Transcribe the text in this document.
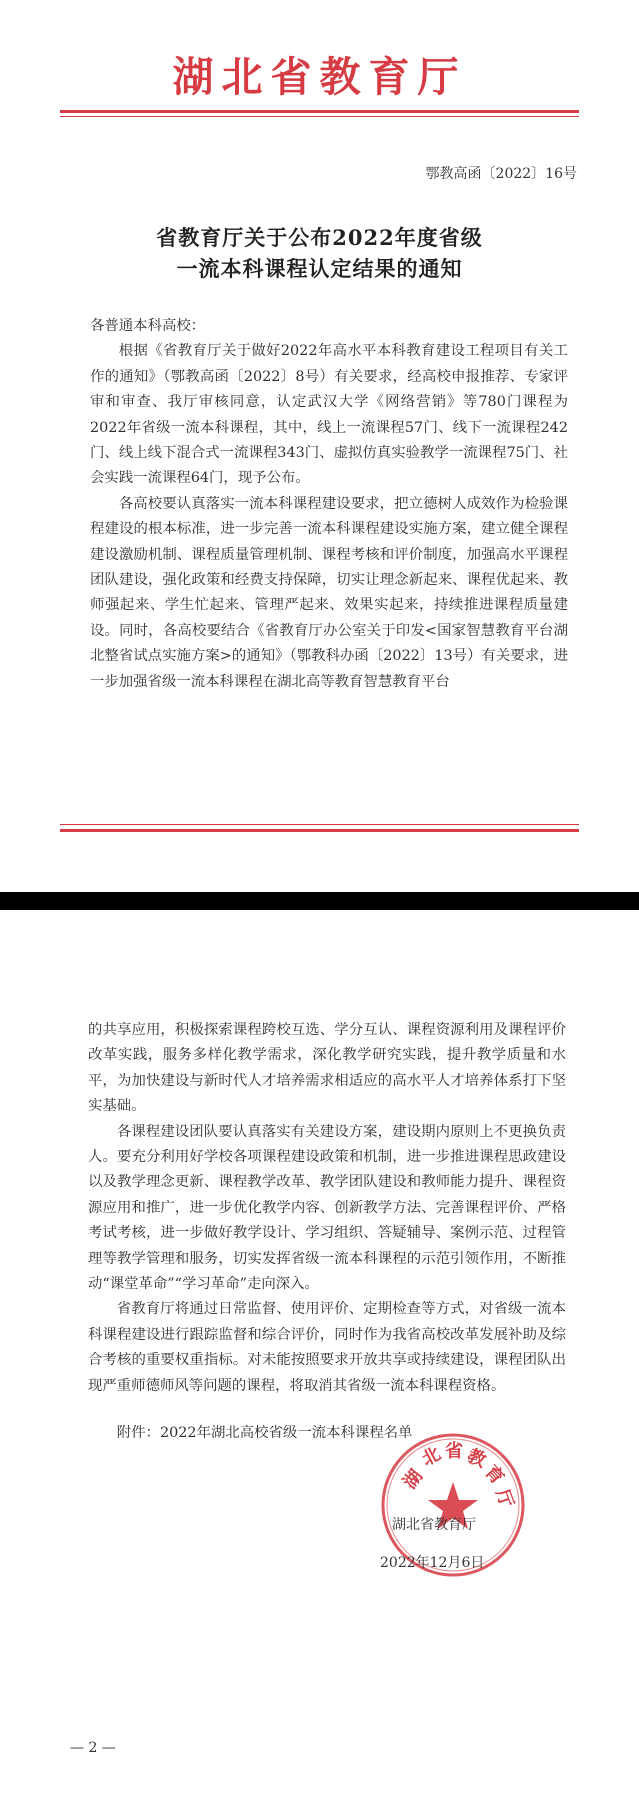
湖北省教育厅
鄂教高函〔2022〕16号
省教育厅关于公布2022年度省级
一流本科课程认定结果的通知

各普通本科高校：

根据《省教育厅关于做好2022年高水平本科教育建设工程项目有关工作的通知》（鄂教高函〔2022〕8号）有关要求，经高校申报推荐、专家评审和审查、我厅审核同意，认定武汉大学《网络营销》等780门课程为2022年省级一流本科课程，其中，线上一流课程57门、线下一流课程242门、线上线下混合式一流课程343门、虚拟仿真实验教学一流课程75门、社会实践一流课程64门，现予公布。

各高校要认真落实一流本科课程建设要求，把立德树人成效作为检验课程建设的根本标准，进一步完善一流本科课程建设实施方案，建立健全课程建设激励机制、课程质量管理机制、课程考核和评价制度，加强高水平课程团队建设，强化政策和经费支持保障，切实让理念新起来、课程优起来、教师强起来、学生忙起来、管理严起来、效果实起来，持续推进课程质量建设。同时，各高校要结合《省教育厅办公室关于印发<国家智慧教育平台湖北整省试点实施方案>的通知》（鄂教科办函〔2022〕13号）有关要求，进一步加强省级一流本科课程在湖北高等教育智慧教育平台

的共享应用，积极探索课程跨校互选、学分互认、课程资源利用及课程评价改革实践，服务多样化教学需求，深化教学研究实践，提升教学质量和水平，为加快建设与新时代人才培养需求相适应的高水平人才培养体系打下坚实基础。

各课程建设团队要认真落实有关建设方案，建设期内原则上不更换负责人。要充分利用好学校各项课程建设政策和机制，进一步推进课程思政建设以及教学理念更新、课程教学改革、教学团队建设和教师能力提升、课程资源应用和推广，进一步优化教学内容、创新教学方法、完善课程评价、严格考试考核，进一步做好教学设计、学习组织、答疑辅导、案例示范、过程管理等教学管理和服务，切实发挥省级一流本科课程的示范引领作用，不断推动“课堂革命”“学习革命”走向深入。

省教育厅将通过日常监督、使用评价、定期检查等方式，对省级一流本科课程建设进行跟踪监督和综合评价，同时作为我省高校改革发展补助及综合考核的重要权重指标。对未能按照要求开放共享或持续建设，课程团队出现严重师德师风等问题的课程，将取消其省级一流本科课程资格。

附件：2022年湖北高校省级一流本科课程名单

湖
北 省 教
育
厅
湖北省教育厅
2022年12月6日
— 2 —
